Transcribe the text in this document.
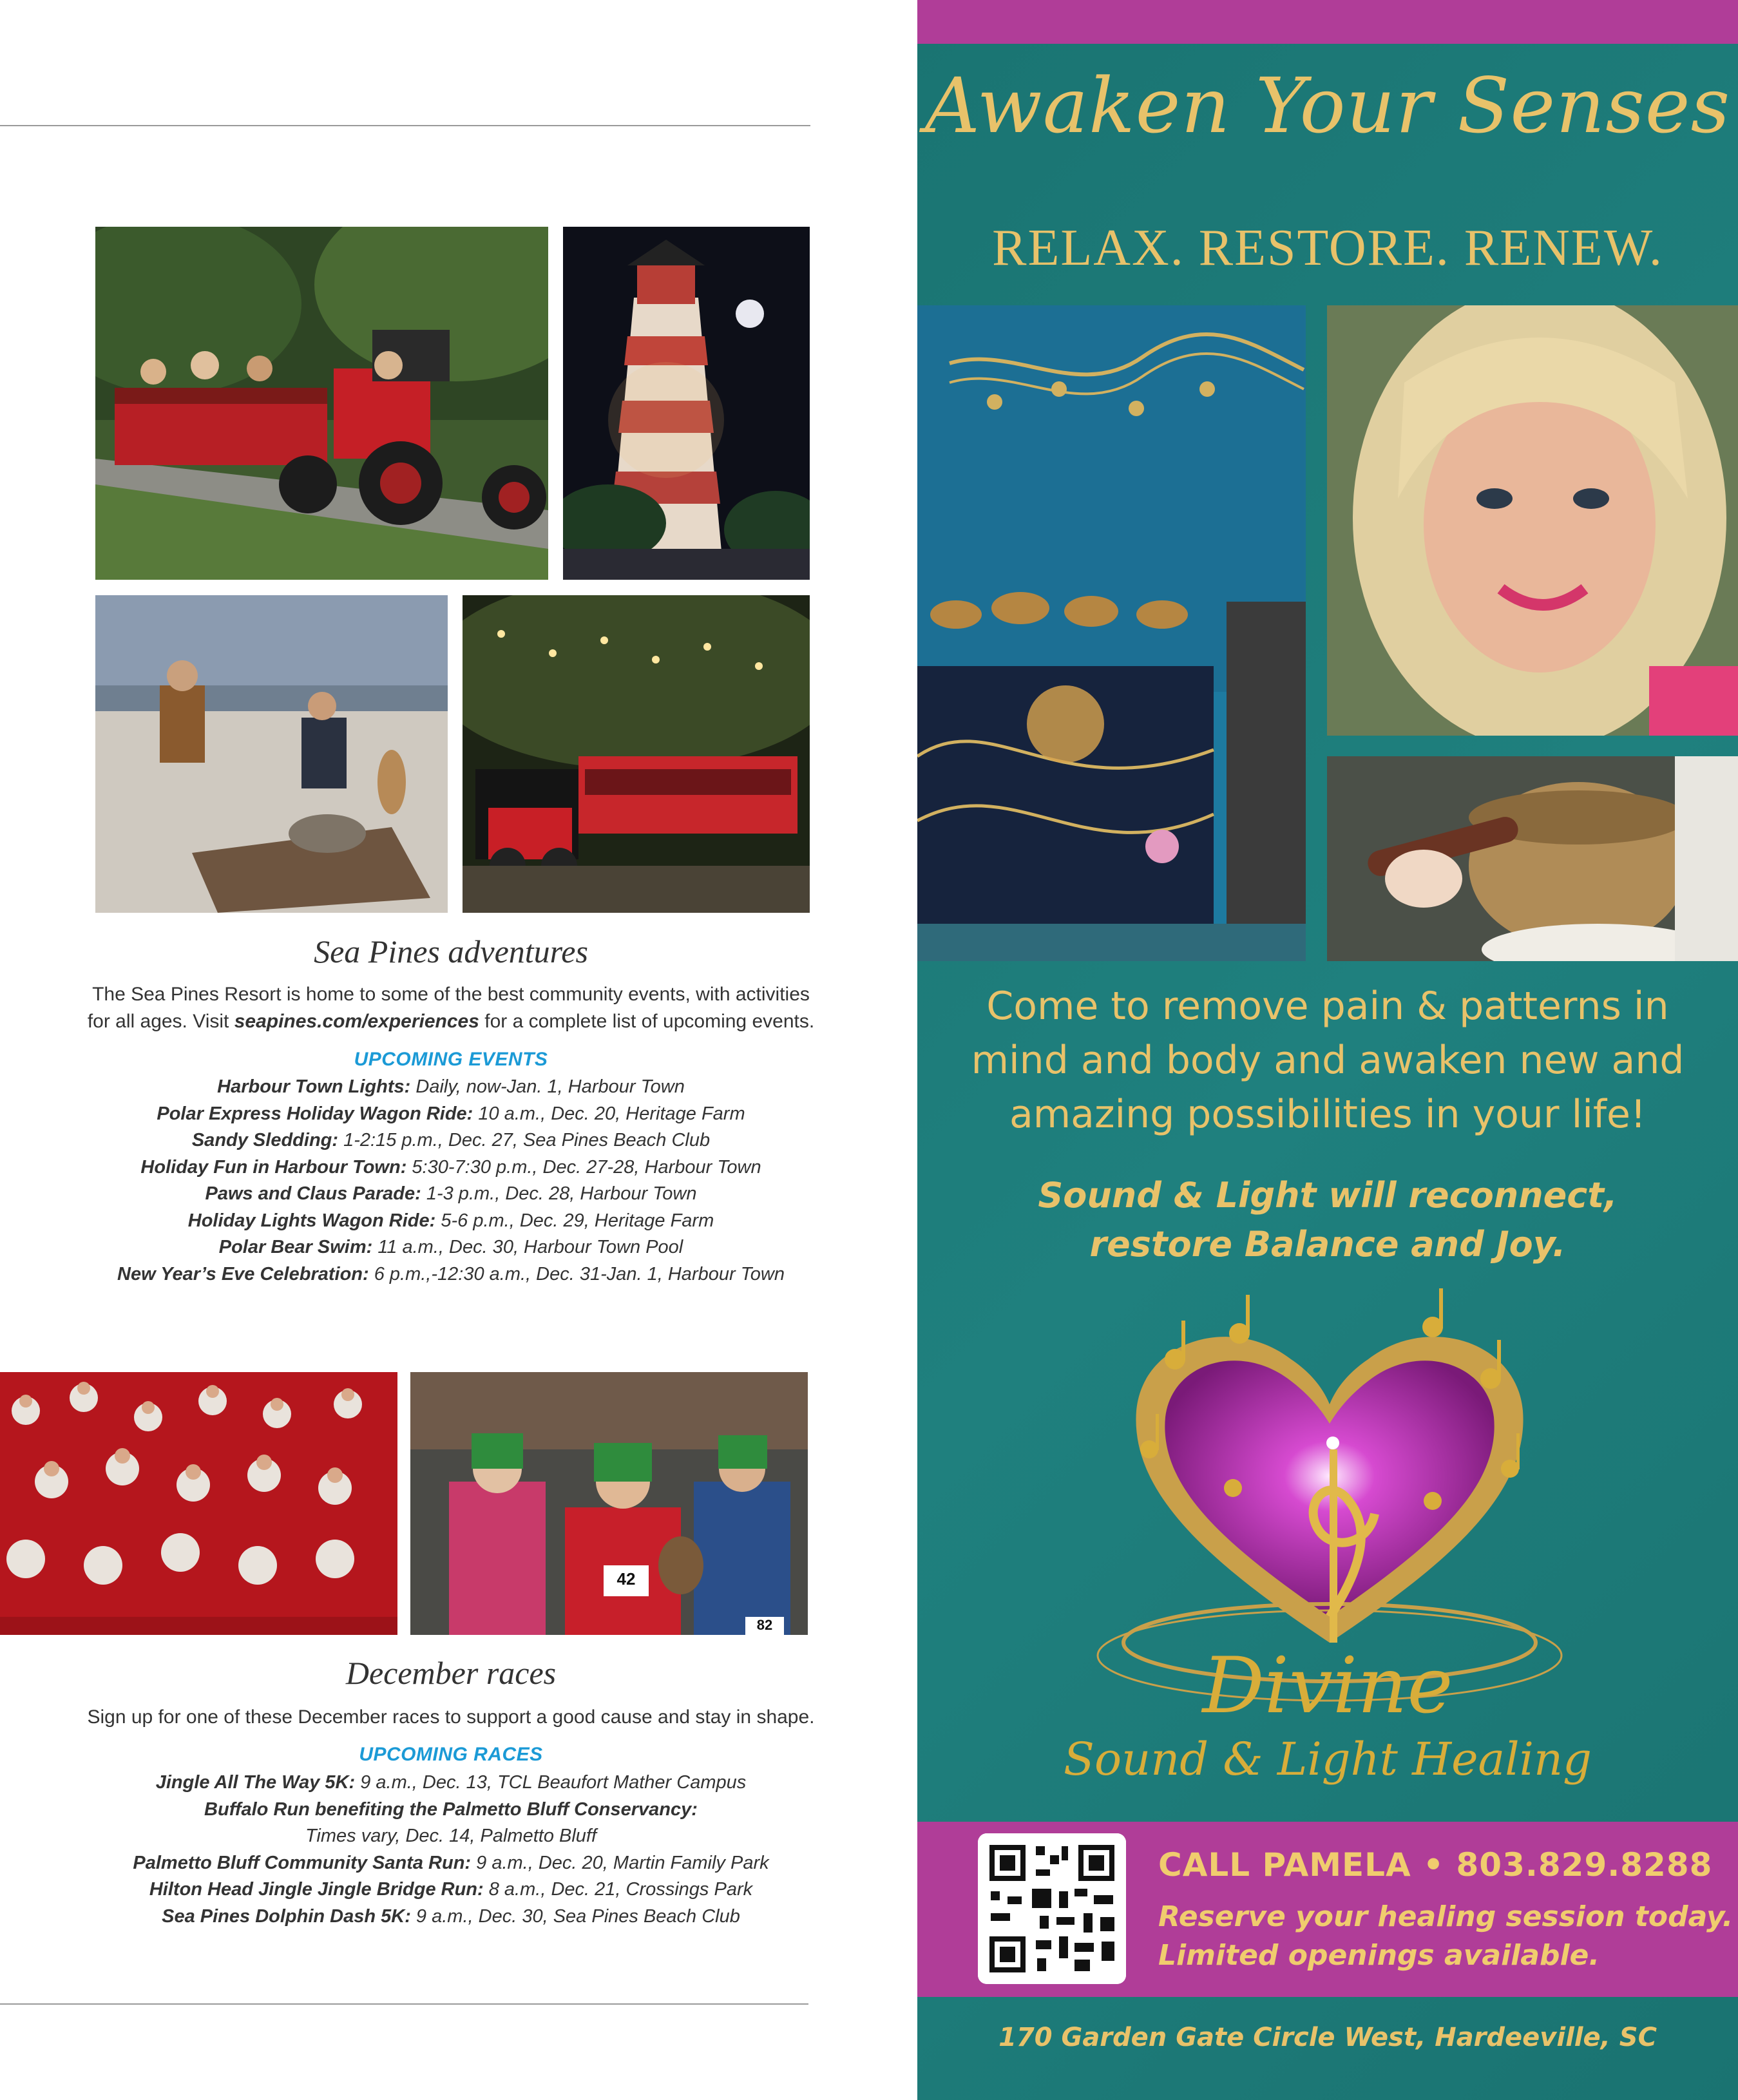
Sea Pines adventures
The Sea Pines Resort is home to some of the best community events, with activities
for all ages. Visit seapines.com/experiences for a complete list of upcoming events.
UPCOMING EVENTS
Harbour Town Lights: Daily, now-Jan. 1, Harbour Town
Polar Express Holiday Wagon Ride: 10 a.m., Dec. 20, Heritage Farm
Sandy Sledding: 1-2:15 p.m., Dec. 27, Sea Pines Beach Club
Holiday Fun in Harbour Town: 5:30-7:30 p.m., Dec. 27-28, Harbour Town
Paws and Claus Parade: 1-3 p.m., Dec. 28, Harbour Town
Holiday Lights Wagon Ride: 5-6 p.m., Dec. 29, Heritage Farm
Polar Bear Swim: 11 a.m., Dec. 30, Harbour Town Pool
New Year’s Eve Celebration: 6 p.m.,-12:30 a.m., Dec. 31-Jan. 1, Harbour Town
42
82
December races
Sign up for one of these December races to support a good cause and stay in shape.
UPCOMING RACES
Jingle All The Way 5K: 9 a.m., Dec. 13, TCL Beaufort Mather Campus
Buffalo Run benefiting the Palmetto Bluff Conservancy:
Times vary, Dec. 14, Palmetto Bluff
Palmetto Bluff Community Santa Run: 9 a.m., Dec. 20, Martin Family Park
Hilton Head Jingle Jingle Bridge Run: 8 a.m., Dec. 21, Crossings Park
Sea Pines Dolphin Dash 5K: 9 a.m., Dec. 30, Sea Pines Beach Club
Awaken Your Senses
RELAX. RESTORE. RENEW.
Come to remove pain & patterns in mind and body and awaken new and amazing possibilities in your life!
Sound & Light will reconnect,
restore Balance and Joy.
Divine
Sound & Light Healing
CALL PAMELA • 803.829.8288
Reserve your healing session today.
Limited openings available.
170 Garden Gate Circle West, Hardeeville, SC
